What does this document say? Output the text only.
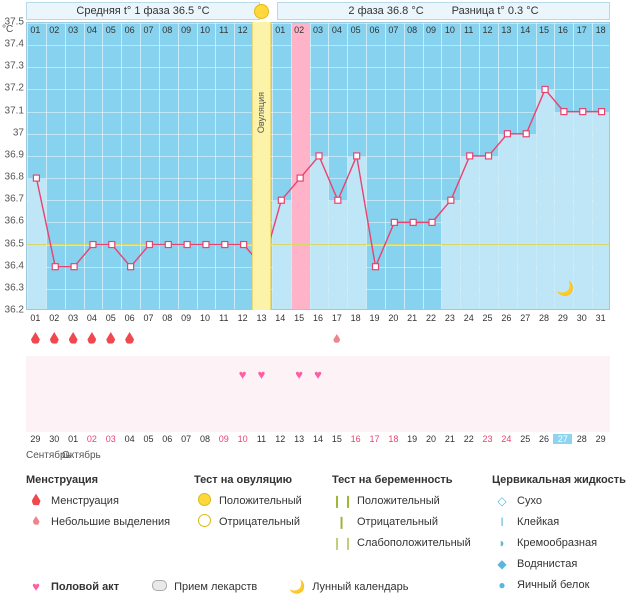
Средняя t° 1 фаза 36.5 °C	2 фаза 36.8 °C	Разница t° 0.3 °C
°C
37.5
37.4
37.3
37.2
37.1
37
36.9
36.8
36.7
36.6
36.5
36.4
36.3
36.2
01 02 03 04 05 06 07 08 09 10	11	12	01 02 03 04 05 06 07 08 09 10	11	12 13 14 15 16 17 18
Овуляция
01 02 03 04 05 06 07 08 09 10	11	12 13 14 15 16 17 18 19 20 21 22 23 24 25 26 27 28 29 30 31
♥ ♥	♥ ♥
29 30 01 02 03 04 05 06 07 08 09 10	11	12 13 14 15 16 17 18 19 20 21 22 23 24 25 26 27 28 29
Сентябрь
Октябрь
Менструация
Менструация
Небольшие выделения
Тест на овуляцию
Положительный
Отрицательный
Тест на беременность
❙❙ Положительный
❙ Отрицательный
❙❙ Слабоположительный
Цервикальная жидкость
◇ Сухо
I	Клейкая
◗	Кремообразная
◆ Водянистая
●	Яичный белок
♥	Половой акт	Прием лекарств 🌙 Лунный календарь
🌙
